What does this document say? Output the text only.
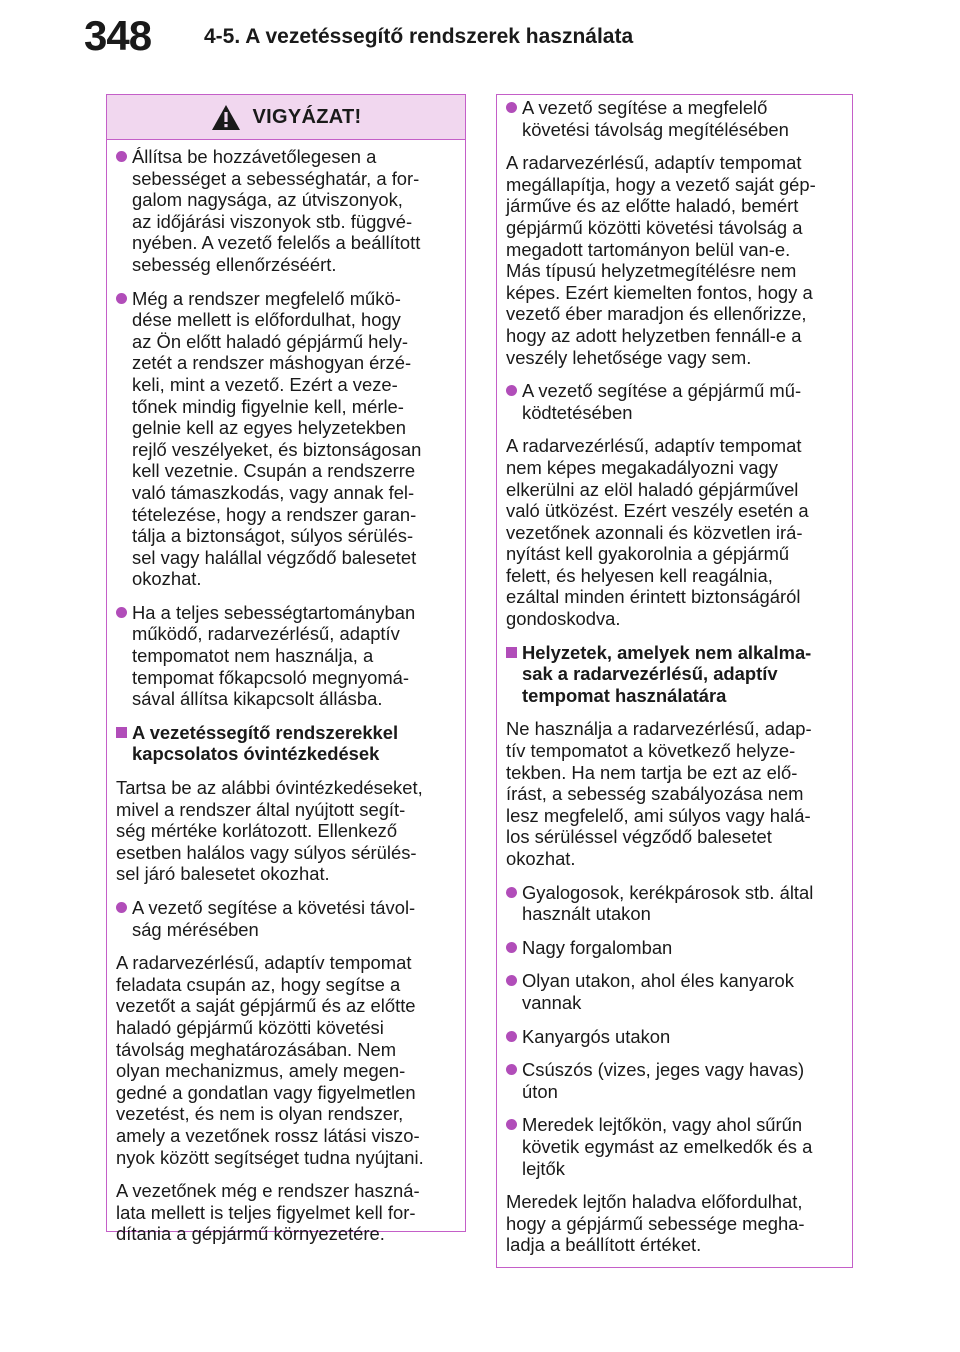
348	4-5. A vezetéssegítő rendszerek használata
VIGYÁZAT!
Állítsa be hozzávetőlegesen a
sebességet a sebességhatár, a for-
galom nagysága, az útviszonyok,
az időjárási viszonyok stb. függvé-
nyében. A vezető felelős a beállított
sebesség ellenőrzéséért.
Még a rendszer megfelelő műkö-
dése mellett is előfordulhat, hogy
az Ön előtt haladó gépjármű hely-
zetét a rendszer máshogyan érzé-
keli, mint a vezető. Ezért a veze-
tőnek mindig figyelnie kell, mérle-
gelnie kell az egyes helyzetekben
rejlő veszélyeket, és biztonságosan
kell vezetnie. Csupán a rendszerre
való támaszkodás, vagy annak fel-
tételezése, hogy a rendszer garan-
tálja a biztonságot, súlyos sérülés-
sel vagy halállal végződő balesetet
okozhat.
Ha a teljes sebességtartományban
működő, radarvezérlésű, adaptív
tempomatot nem használja, a
tempomat főkapcsoló megnyomá-
sával állítsa kikapcsolt állásba.
A vezetéssegítő rendszerekkel
kapcsolatos óvintézkedések
Tartsa be az alábbi óvintézkedéseket,
mivel a rendszer által nyújtott segít-
ség mértéke korlátozott. Ellenkező
esetben halálos vagy súlyos sérülés-
sel járó balesetet okozhat.
A vezető segítése a követési távol-
ság mérésében
A radarvezérlésű, adaptív tempomat
feladata csupán az, hogy segítse a
vezetőt a saját gépjármű és az előtte
haladó gépjármű közötti követési
távolság meghatározásában. Nem
olyan mechanizmus, amely megen-
gedné a gondatlan vagy figyelmetlen
vezetést, és nem is olyan rendszer,
amely a vezetőnek rossz látási viszo-
nyok között segítséget tudna nyújtani.
A vezetőnek még e rendszer haszná-
lata mellett is teljes figyelmet kell for-
dítania a gépjármű környezetére.
A vezető segítése a megfelelő
követési távolság megítélésében
A radarvezérlésű, adaptív tempomat
megállapítja, hogy a vezető saját gép-
járműve és az előtte haladó, bemért
gépjármű közötti követési távolság a
megadott tartományon belül van-e.
Más típusú helyzetmegítélésre nem
képes. Ezért kiemelten fontos, hogy a
vezető éber maradjon és ellenőrizze,
hogy az adott helyzetben fennáll-e a
veszély lehetősége vagy sem.
A vezető segítése a gépjármű mű-
ködtetésében
A radarvezérlésű, adaptív tempomat
nem képes megakadályozni vagy
elkerülni az elöl haladó gépjárművel
való ütközést. Ezért veszély esetén a
vezetőnek azonnali és közvetlen irá-
nyítást kell gyakorolnia a gépjármű
felett, és helyesen kell reagálnia,
ezáltal minden érintett biztonságáról
gondoskodva.
Helyzetek, amelyek nem alkalma-
sak a radarvezérlésű, adaptív
tempomat használatára
Ne használja a radarvezérlésű, adap-
tív tempomatot a következő helyze-
tekben. Ha nem tartja be ezt az elő-
írást, a sebesség szabályozása nem
lesz megfelelő, ami súlyos vagy halá-
los sérüléssel végződő balesetet
okozhat.
Gyalogosok, kerékpárosok stb. által
használt utakon
Nagy forgalomban
Olyan utakon, ahol éles kanyarok
vannak
Kanyargós utakon
Csúszós (vizes, jeges vagy havas)
úton
Meredek lejtőkön, vagy ahol sűrűn
követik egymást az emelkedők és a
lejtők
Meredek lejtőn haladva előfordulhat,
hogy a gépjármű sebessége megha-
ladja a beállított értéket.
